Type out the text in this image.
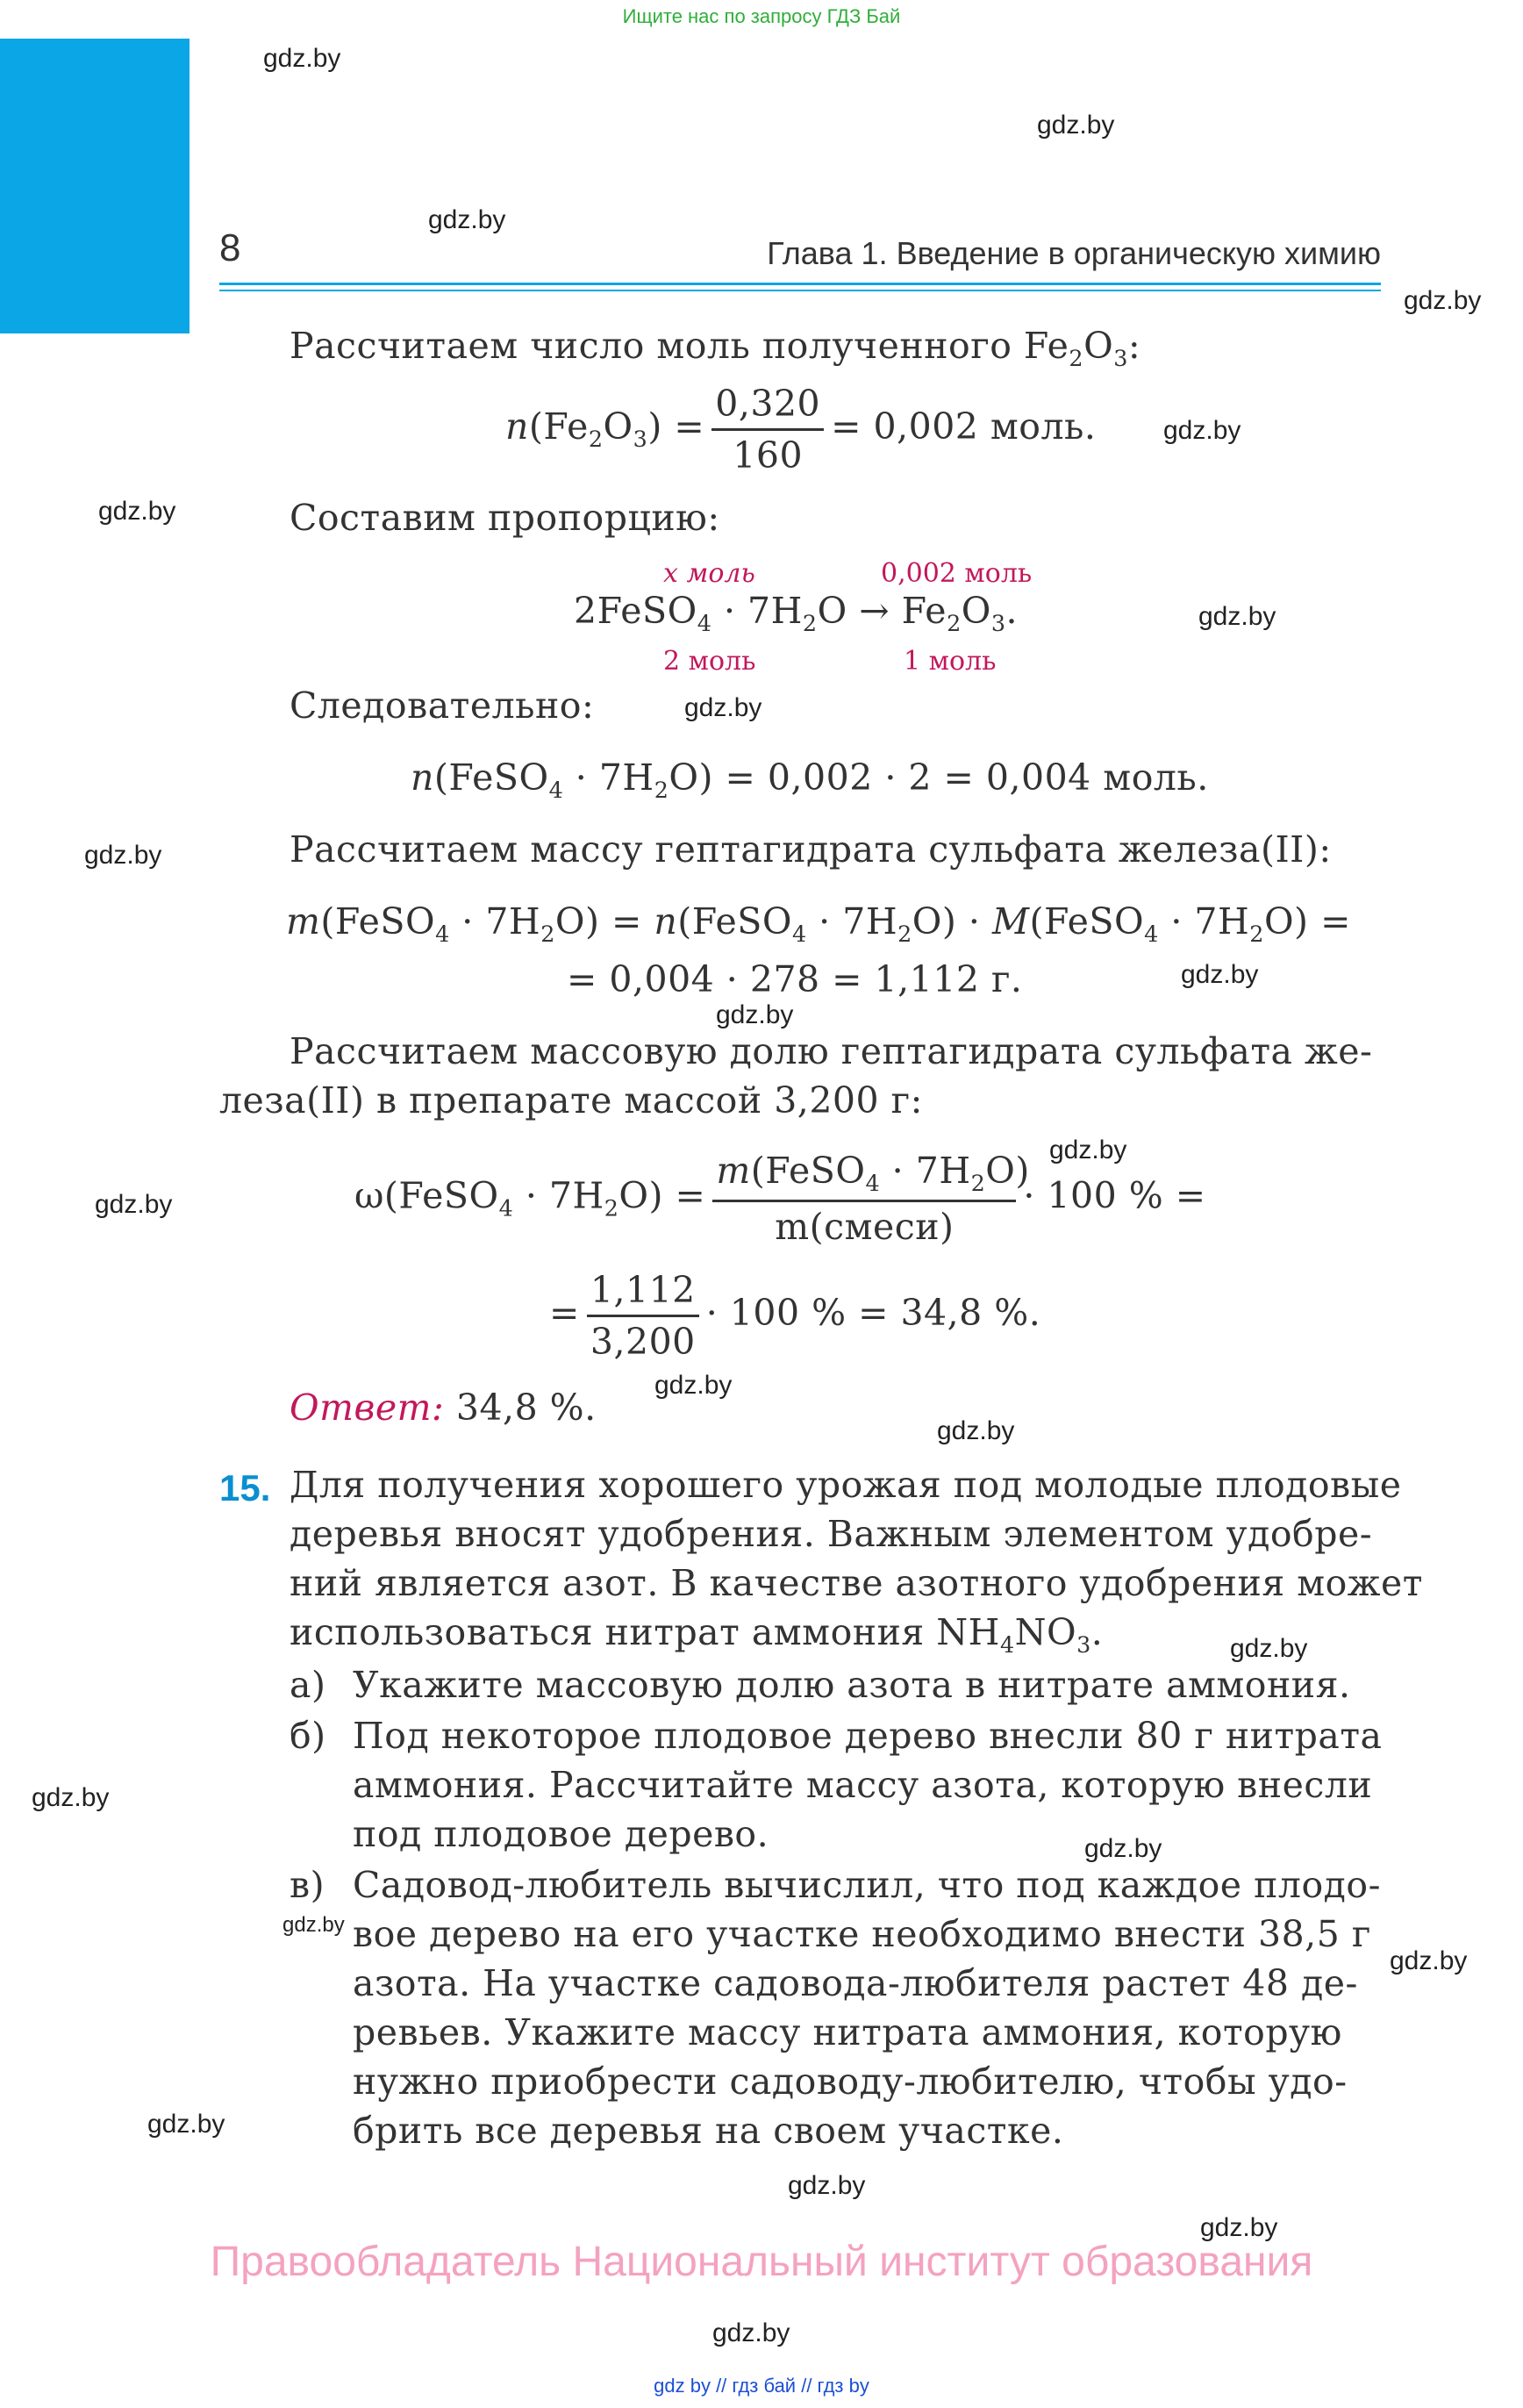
Ищите нас по запросу ГДЗ Бай
8	Глава 1. Введение в органическую химию
gdz.by
gdz.by
gdz.by
gdz.by
gdz.by
gdz.by
gdz.by
gdz.by
gdz.by
gdz.by
gdz.by
gdz.by
gdz.by
gdz.by
gdz.by
gdz.by
gdz.by
gdz.by
gdz.by
gdz.by
gdz.by
gdz.by
gdz.by
gdz.by
Рассчитаем число моль полученного $Fe_2O_3$:
$n(Fe_2O_3) = \frac{0,320}{160} = 0,002$ моль.
Составим пропорцию:
x моль	0,002 моль
2FeSO$_4$ · $7H_2O \to Fe_2O_3$.
2 моль	1 моль
Следовательно:
n(FeSO$_4$ · $7H_2O) = 0,002 \cdot 2 = 0,004$ моль.
Рассчитаем массу гептагидрата сульфата железа(II):
m(FeSO$_4$ · $7H_2O$) = n(FeSO$_4$ · $7H_2O$) · M(FeSO$_4$ · $7H_2O$) =
= 0,004 · 278 = 1,112 г.
Рассчитаем массовую долю гептагидрата сульфата же-
леза(II) в препарате массой 3,200 г:
ω(FeSO$_4$ · $7H_2O) = \frac{m(FeSO_4 \cdot 7H_2O)}{\text{m(смеси)}} \cdot 100$ % =
= $\frac{1,112}{3,200} \cdot 100$ % = 34,8 %.
Ответ: 34,8 %.
15. Для получения хорошего урожая под молодые плодовые
деревья вносят удобрения. Важным элементом удобре-
ний является азот. В качестве азотного удобрения может
использоваться нитрат аммония $NH_4NO_3$.
а) Укажите массовую долю азота в нитрате аммония.
б) Под некоторое плодовое дерево внесли 80 г нитрата
аммония. Рассчитайте массу азота, которую внесли
под плодовое дерево.
в) Садовод-любитель вычислил, что под каждое плодо-
вое дерево на его участке необходимо внести 38,5 г
азота. На участке садовода-любителя растет 48 де-
ревьев. Укажите массу нитрата аммония, которую
нужно приобрести садоводу-любителю, чтобы удо-
брить все деревья на своем участке.
Правообладатель Национальный институт образования
gdz by // гдз бай // гдз by
